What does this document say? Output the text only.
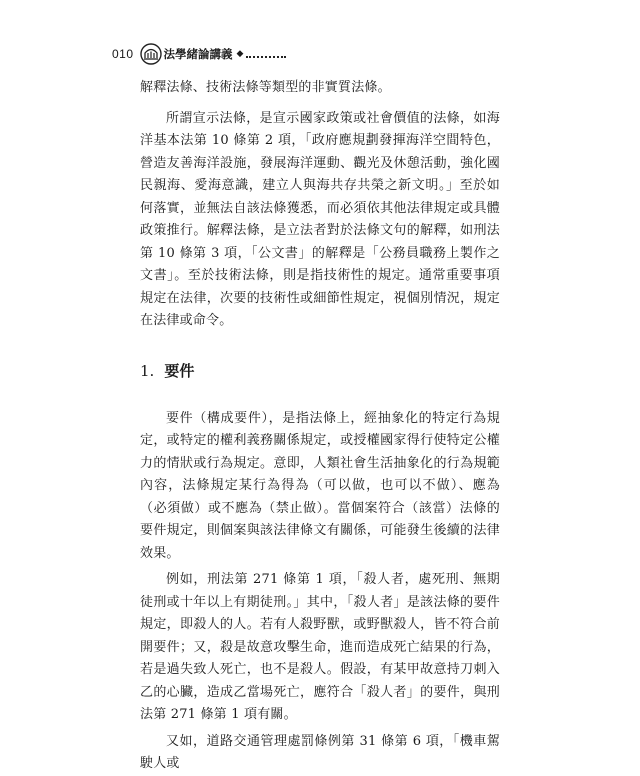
010	法學緒論講義 ◆

解釋法條、技術法條等類型的非實質法條。

所謂宣示法條，是宣示國家政策或社會價值的法條，如海洋基本法第 10 條第 2 項，「政府應規劃發揮海洋空間特色，營造友善海洋設施，發展海洋運動、觀光及休憩活動，強化國民親海、愛海意識，建立人與海共存共榮之新文明。」至於如何落實，並無法自該法條獲悉，而必須依其他法律規定或具體政策推行。解釋法條，是立法者對於法條文句的解釋，如刑法第 10 條第 3 項，「公文書」的解釋是「公務員職務上製作之文書」。至於技術法條，則是指技術性的規定。通常重要事項規定在法律，次要的技術性或細節性規定，視個別情況，規定在法律或命令。

1. 要件

要件（構成要件），是指法條上，經抽象化的特定行為規定，或特定的權利義務關係規定，或授權國家得行使特定公權力的情狀或行為規定。意即，人類社會生活抽象化的行為規範內容，法條規定某行為得為（可以做，也可以不做）、應為（必須做）或不應為（禁止做）。當個案符合（該當）法條的要件規定，則個案與該法律條文有關係，可能發生後續的法律效果。

例如，刑法第 271 條第 1 項，「殺人者，處死刑、無期徒刑或十年以上有期徒刑。」其中，「殺人者」是該法條的要件規定，即殺人的人。若有人殺野獸，或野獸殺人，皆不符合前開要件；又，殺是故意攻擊生命，進而造成死亡結果的行為，若是過失致人死亡，也不是殺人。假設，有某甲故意持刀刺入乙的心臟，造成乙當場死亡，應符合「殺人者」的要件，與刑法第 271 條第 1 項有關。

又如，道路交通管理處罰條例第 31 條第 6 項，「機車駕駛人或
